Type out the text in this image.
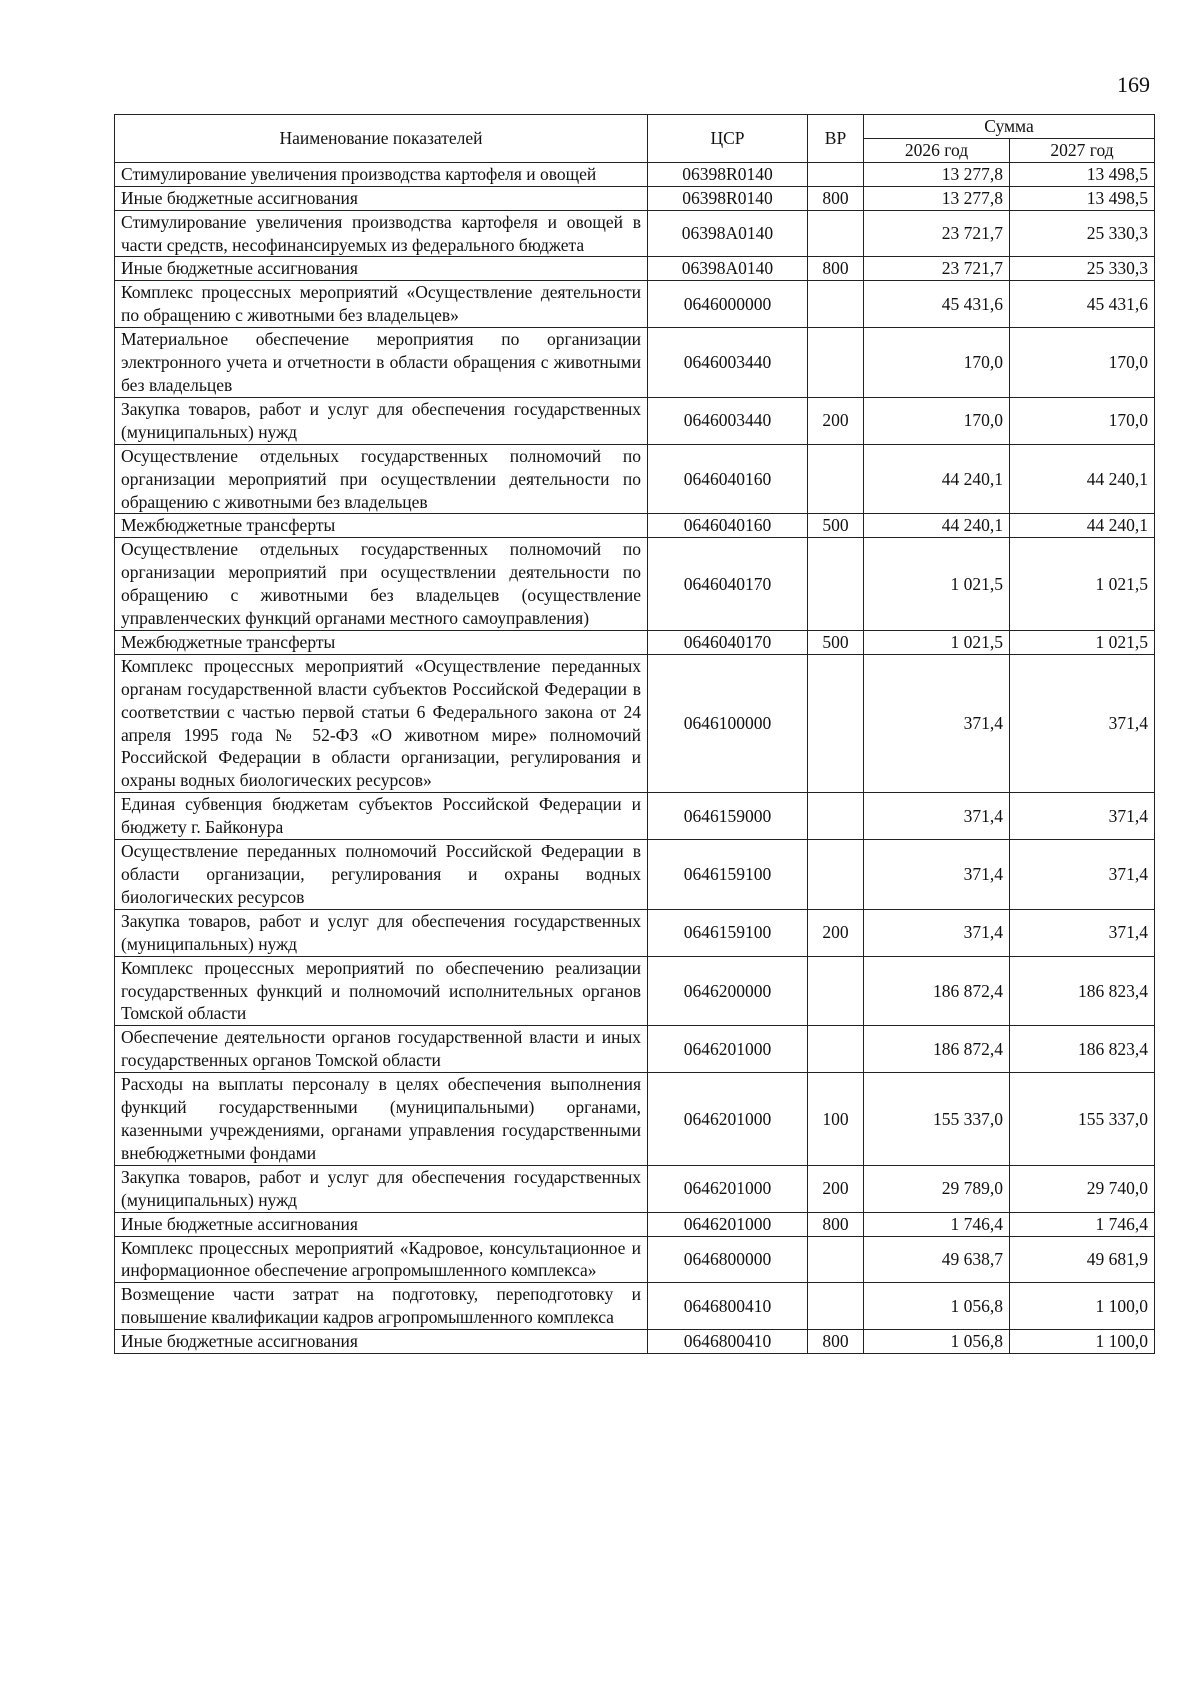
169
Наименование показателей	ЦСР	ВР	Сумма	
			2026 год	2027 год
Стимулирование увеличения производства картофеля и овощей	06398R0140		13 277,8	13 498,5
Иные бюджетные ассигнования	06398R0140	800	13 277,8	13 498,5
Стимулирование увеличения производства картофеля и овощей в части средств, несофинансируемых из федерального бюджета	06398A0140		23 721,7	25 330,3
Иные бюджетные ассигнования	06398A0140	800	23 721,7	25 330,3
Комплекс процессных мероприятий «Осуществление деятельности по обращению с животными без владельцев»	0646000000		45 431,6	45 431,6
Материальное обеспечение мероприятия по организации электронного учета и отчетности в области обращения с животными без владельцев	0646003440		170,0	170,0
Закупка товаров, работ и услуг для обеспечения государственных (муниципальных) нужд	0646003440	200	170,0	170,0
Осуществление отдельных государственных полномочий по организации мероприятий при осуществлении деятельности по обращению с животными без владельцев	0646040160		44 240,1	44 240,1
Межбюджетные трансферты	0646040160	500	44 240,1	44 240,1
Осуществление отдельных государственных полномочий по организации мероприятий при осуществлении деятельности по обращению с животными без владельцев (осуществление управленческих функций органами местного самоуправления)	0646040170		1 021,5	1 021,5
Межбюджетные трансферты	0646040170	500	1 021,5	1 021,5
Комплекс процессных мероприятий «Осуществление переданных органам государственной власти субъектов Российской Федерации в соответствии с частью первой статьи 6 Федерального закона от 24 апреля 1995 года № 52-ФЗ «О животном мире» полномочий Российской Федерации в области организации, регулирования и охраны водных биологических ресурсов»	0646100000		371,4	371,4
Единая субвенция бюджетам субъектов Российской Федерации и бюджету г. Байконура	0646159000		371,4	371,4
Осуществление переданных полномочий Российской Федерации в области организации, регулирования и охраны водных биологических ресурсов	0646159100		371,4	371,4
Закупка товаров, работ и услуг для обеспечения государственных (муниципальных) нужд	0646159100	200	371,4	371,4
Комплекс процессных мероприятий по обеспечению реализации государственных функций и полномочий исполнительных органов Томской области	0646200000		186 872,4	186 823,4
Обеспечение деятельности органов государственной власти и иных государственных органов Томской области	0646201000		186 872,4	186 823,4
Расходы на выплаты персоналу в целях обеспечения выполнения функций государственными (муниципальными) органами, казенными учреждениями, органами управления государственными внебюджетными фондами	0646201000	100	155 337,0	155 337,0
Закупка товаров, работ и услуг для обеспечения государственных (муниципальных) нужд	0646201000	200	29 789,0	29 740,0
Иные бюджетные ассигнования	0646201000	800	1 746,4	1 746,4
Комплекс процессных мероприятий «Кадровое, консультационное и информационное обеспечение агропромышленного комплекса»	0646800000		49 638,7	49 681,9
Возмещение части затрат на подготовку, переподготовку и повышение квалификации кадров агропромышленного комплекса	0646800410		1 056,8	1 100,0
Иные бюджетные ассигнования	0646800410	800	1 056,8	1 100,0
